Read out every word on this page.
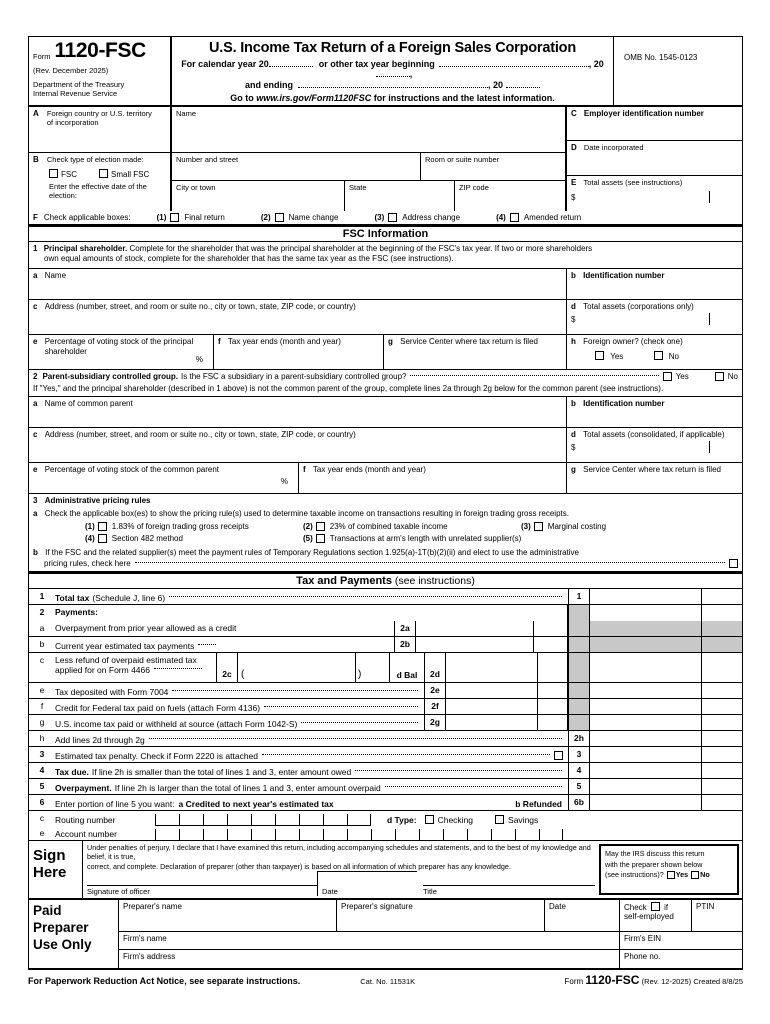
Form 1120-FSC
(Rev. December 2025)
Department of the Treasury
Internal Revenue Service
U.S. Income Tax Return of a Foreign Sales Corporation
For calendar year 20	or other tax year beginning	, 20
,
and ending	, 20
Go to www.irs.gov/Form1120FSC for instructions and the latest information.
OMB No. 1545-0123
A Foreign country or U.S. territory of incorporation
B Check type of election made:
FSC	Small FSC
Enter the effective date of the election:
Name
Number and street	Room or suite number
City or town	State	ZIP code
C Employer identification number
D Date incorporated
E Total assets (see instructions)
$
F Check applicable boxes:	(1) Final return	(2) Name change	(3) Address change	(4) Amended return
FSC Information
1 Principal shareholder. Complete for the shareholder that was the principal shareholder at the beginning of the FSC's tax year. If two or more shareholders
own equal amounts of stock, complete for the shareholder that has the same tax year as the FSC (see instructions).
a Name	b Identification number
c Address (number, street, and room or suite no., city or town, state, ZIP code, or country)	d Total assets (corporations only)
$
e Percentage of voting stock of the principal shareholder
%
f Tax year ends (month and year)	g Service Center where tax return is filed	h Foreign owner? (check one)
Yes	No
2 Parent-subsidiary controlled group. Is the FSC a subsidiary in a parent-subsidiary controlled group?	Yes	No
If "Yes," and the principal shareholder (described in 1 above) is not the common parent of the group, complete lines 2a through 2g below for the common parent (see instructions).
a Name of common parent	b Identification number
c Address (number, street, and room or suite no., city or town, state, ZIP code, or country)	d Total assets (consolidated, if applicable)
$
e Percentage of voting stock of the common parent
%
f Tax year ends (month and year)	g Service Center where tax return is filed
3 Administrative pricing rules
a Check the applicable box(es) to show the pricing rule(s) used to determine taxable income on transactions resulting in foreign trading gross receipts.
(1) 1.83% of foreign trading gross receipts	(2) 23% of combined taxable income	(3) Marginal costing
(4) Section 482 method	(5) Transactions at arm's length with unrelated supplier(s)
b If the FSC and the related supplier(s) meet the payment rules of Temporary Regulations section 1.925(a)-1T(b)(2)(ii) and elect to use the administrative
pricing rules, check here
Tax and Payments (see instructions)
1	Total tax (Schedule J, line 6)	1
2	Payments:

a	Overpayment from prior year allowed as a credit	2a

b	Current year estimated tax payments	2b

c	Less refund of overpaid estimated tax
applied for on Form 4466	2c (	)	d Bal	2d

e	Tax deposited with Form 7004	2e

f	Credit for Federal tax paid on fuels (attach Form 4136)	2f

g	U.S. income tax paid or withheld at source (attach Form 1042-S)	2g

h	Add lines 2d through 2g	2h
3	Estimated tax penalty. Check if Form 2220 is attached	3
4	Tax due. If line 2h is smaller than the total of lines 1 and 3, enter amount owed	4
5	Overpayment. If line 2h is larger than the total of lines 1 and 3, enter amount overpaid	5
6	Enter portion of line 5 you want: a Credited to next year's estimated tax	b Refunded	6b
c	Routing number	d Type: Checking	Savings
e	Account number
Sign
Here
Under penalties of perjury, I declare that I have examined this return, including accompanying schedules and statements, and to the best of my knowledge and belief, it is true,
correct, and complete. Declaration of preparer (other than taxpayer) is based on all information of which preparer has any knowledge.
Signature of officer	Date	Title
May the IRS discuss this return
with the preparer shown below
(see instructions)? Yes No
Paid
Preparer
Use Only
Preparer's name	Preparer's signature	Date	Check if
self-employed
PTIN
Firm's name	Firm's EIN
Firm's address	Phone no.
For Paperwork Reduction Act Notice, see separate instructions.	Cat. No. 11531K	Form 1120-FSC (Rev. 12-2025) Created 8/8/25
